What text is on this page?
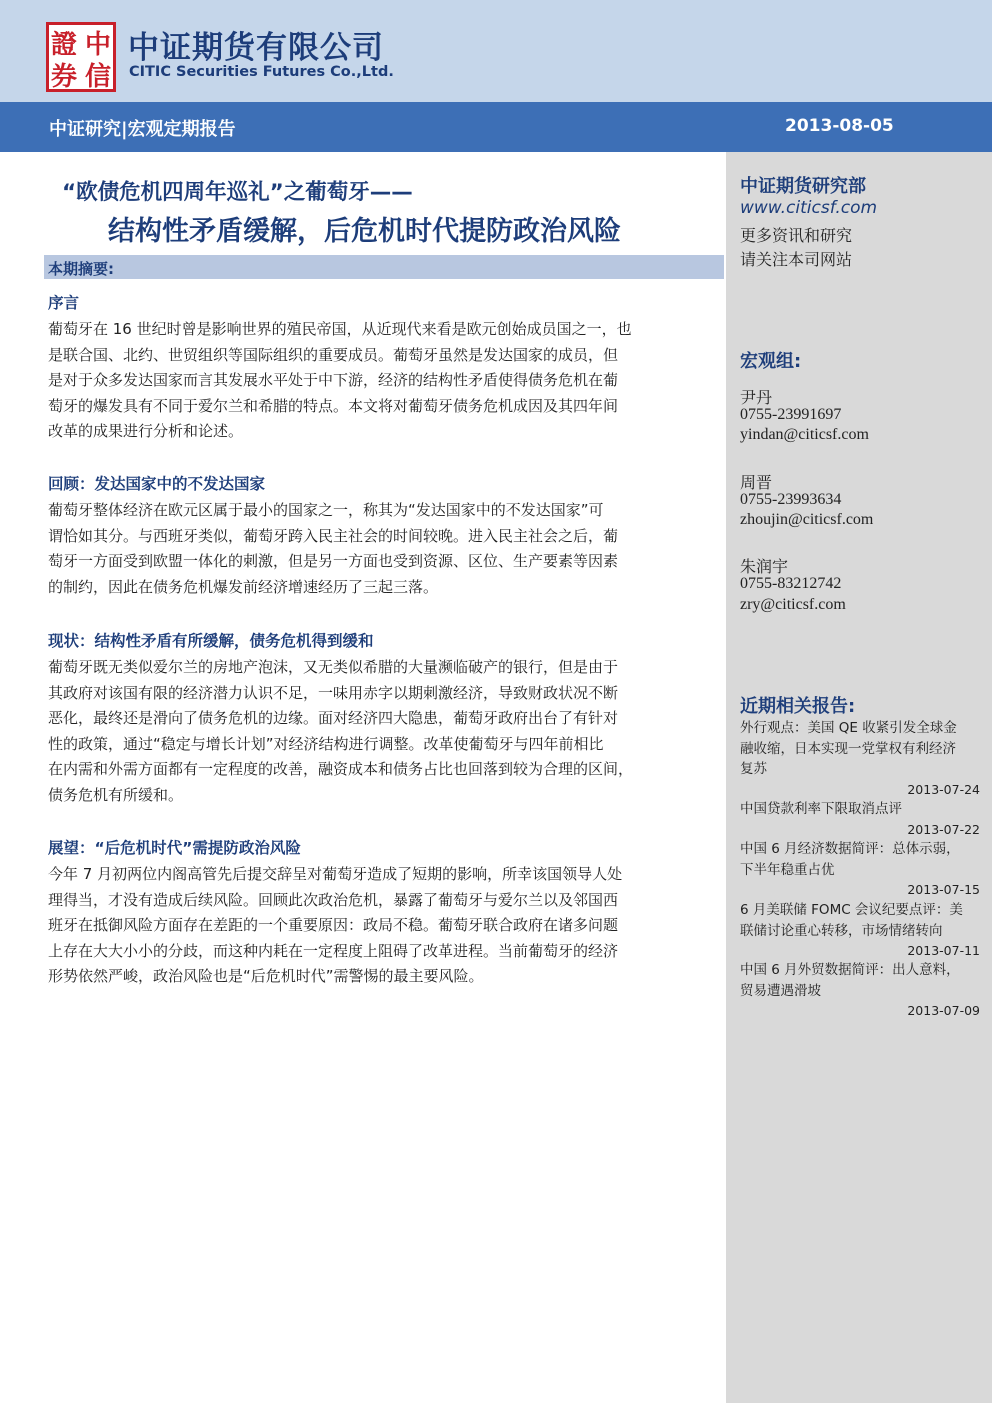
證 中
券 信
中证期货有限公司
CITIC Securities Futures Co.,Ltd.
中证研究|宏观定期报告	2013-08-05
“欧债危机四周年巡礼”之葡萄牙——
结构性矛盾缓解，后危机时代提防政治风险
本期摘要:
序言
葡萄牙在 16 世纪时曾是影响世界的殖民帝国，从近现代来看是欧元创始成员国之一，也
是联合国、北约、世贸组织等国际组织的重要成员。葡萄牙虽然是发达国家的成员，但
是对于众多发达国家而言其发展水平处于中下游，经济的结构性矛盾使得债务危机在葡
萄牙的爆发具有不同于爱尔兰和希腊的特点。本文将对葡萄牙债务危机成因及其四年间
改革的成果进行分析和论述。
回顾：发达国家中的不发达国家
葡萄牙整体经济在欧元区属于最小的国家之一，称其为“发达国家中的不发达国家”可
谓恰如其分。与西班牙类似，葡萄牙跨入民主社会的时间较晚。进入民主社会之后，葡
萄牙一方面受到欧盟一体化的刺激，但是另一方面也受到资源、区位、生产要素等因素
的制约，因此在债务危机爆发前经济增速经历了三起三落。
现状：结构性矛盾有所缓解，债务危机得到缓和
葡萄牙既无类似爱尔兰的房地产泡沫，又无类似希腊的大量濒临破产的银行，但是由于
其政府对该国有限的经济潜力认识不足，一味用赤字以期刺激经济，导致财政状况不断
恶化，最终还是滑向了债务危机的边缘。面对经济四大隐患，葡萄牙政府出台了有针对
性的政策，通过“稳定与增长计划”对经济结构进行调整。改革使葡萄牙与四年前相比
在内需和外需方面都有一定程度的改善，融资成本和债务占比也回落到较为合理的区间，
债务危机有所缓和。
展望：“后危机时代”需提防政治风险
今年 7 月初两位内阁高管先后提交辞呈对葡萄牙造成了短期的影响，所幸该国领导人处
理得当，才没有造成后续风险。回顾此次政治危机，暴露了葡萄牙与爱尔兰以及邻国西
班牙在抵御风险方面存在差距的一个重要原因：政局不稳。葡萄牙联合政府在诸多问题
上存在大大小小的分歧，而这种内耗在一定程度上阻碍了改革进程。当前葡萄牙的经济
形势依然严峻，政治风险也是“后危机时代”需警惕的最主要风险。
中证期货研究部
www.citicsf.com
更多资讯和研究
请关注本司网站
宏观组:
尹丹
0755-23991697
yindan@citicsf.com
周晋
0755-23993634
zhoujin@citicsf.com
朱润宇
0755-83212742
zry@citicsf.com
近期相关报告:
外行观点：美国 QE 收紧引发全球金
融收缩，日本实现一党掌权有利经济
复苏
2013-07-24
中国贷款利率下限取消点评
2013-07-22
中国 6 月经济数据简评：总体示弱，
下半年稳重占优
2013-07-15
6 月美联储 FOMC 会议纪要点评：美
联储讨论重心转移，市场情绪转向
2013-07-11
中国 6 月外贸数据简评：出人意料，
贸易遭遇滑坡
2013-07-09
